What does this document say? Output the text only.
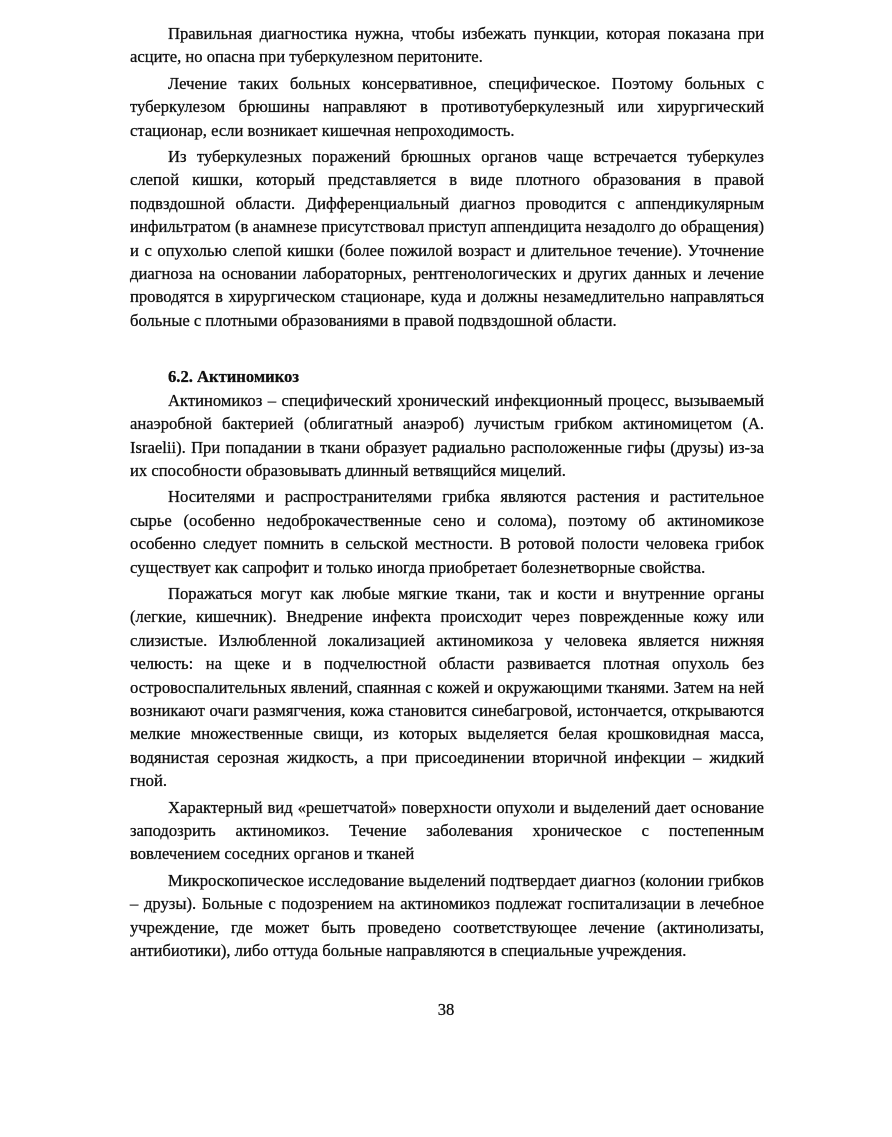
Правильная диагностика нужна, чтобы избежать пункции, которая показана при асците, но опасна при туберкулезном перитоните.

Лечение таких больных консервативное, специфическое. Поэтому больных с туберкулезом брюшины направляют в противотуберкулезный или хирургический стационар, если возникает кишечная непроходимость.

Из туберкулезных поражений брюшных органов чаще встречается туберкулез слепой кишки, который представляется в виде плотного образования в правой подвздошной области. Дифференциальный диагноз проводится с аппендикулярным инфильтратом (в анамнезе присутствовал приступ аппендицита незадолго до обращения) и с опухолью слепой кишки (более пожилой возраст и длительное течение). Уточнение диагноза на основании лабораторных, рентгенологических и других данных и лечение проводятся в хирургическом стационаре, куда и должны незамедлительно направляться больные с плотными образованиями в правой подвздошной области.

6.2. Актиномикоз

Актиномикоз – специфический хронический инфекционный процесс, вызываемый анаэробной бактерией (облигатный анаэроб) лучистым грибком актиномицетом (A. Israelii). При попадании в ткани образует радиально расположенные гифы (друзы) из-за их способности образовывать длинный ветвящийся мицелий.

Носителями и распространителями грибка являются растения и растительное сырье (особенно недоброкачественные сено и солома), поэтому об актиномикозе особенно следует помнить в сельской местности. В ротовой полости человека грибок существует как сапрофит и только иногда приобретает болезнетворные свойства.

Поражаться могут как любые мягкие ткани, так и кости и внутренние органы (легкие, кишечник). Внедрение инфекта происходит через поврежденные кожу или слизистые. Излюбленной локализацией актиномикоза у человека является нижняя челюсть: на щеке и в подчелюстной области развивается плотная опухоль без островоспалительных явлений, спаянная с кожей и окружающими тканями. Затем на ней возникают очаги размягчения, кожа становится синебагровой, истончается, открываются мелкие множественные свищи, из которых выделяется белая крошковидная масса, водянистая серозная жидкость, а при присоединении вторичной инфекции – жидкий гной.

Характерный вид «решетчатой» поверхности опухоли и выделений дает основание заподозрить актиномикоз. Течение заболевания хроническое с постепенным вовлечением соседних органов и тканей

Микроскопическое исследование выделений подтвердает диагноз (колонии грибков – друзы). Больные с подозрением на актиномикоз подлежат госпитализации в лечебное учреждение, где может быть проведено соответствующее лечение (актинолизаты, антибиотики), либо оттуда больные направляются в специальные учреждения.

38
